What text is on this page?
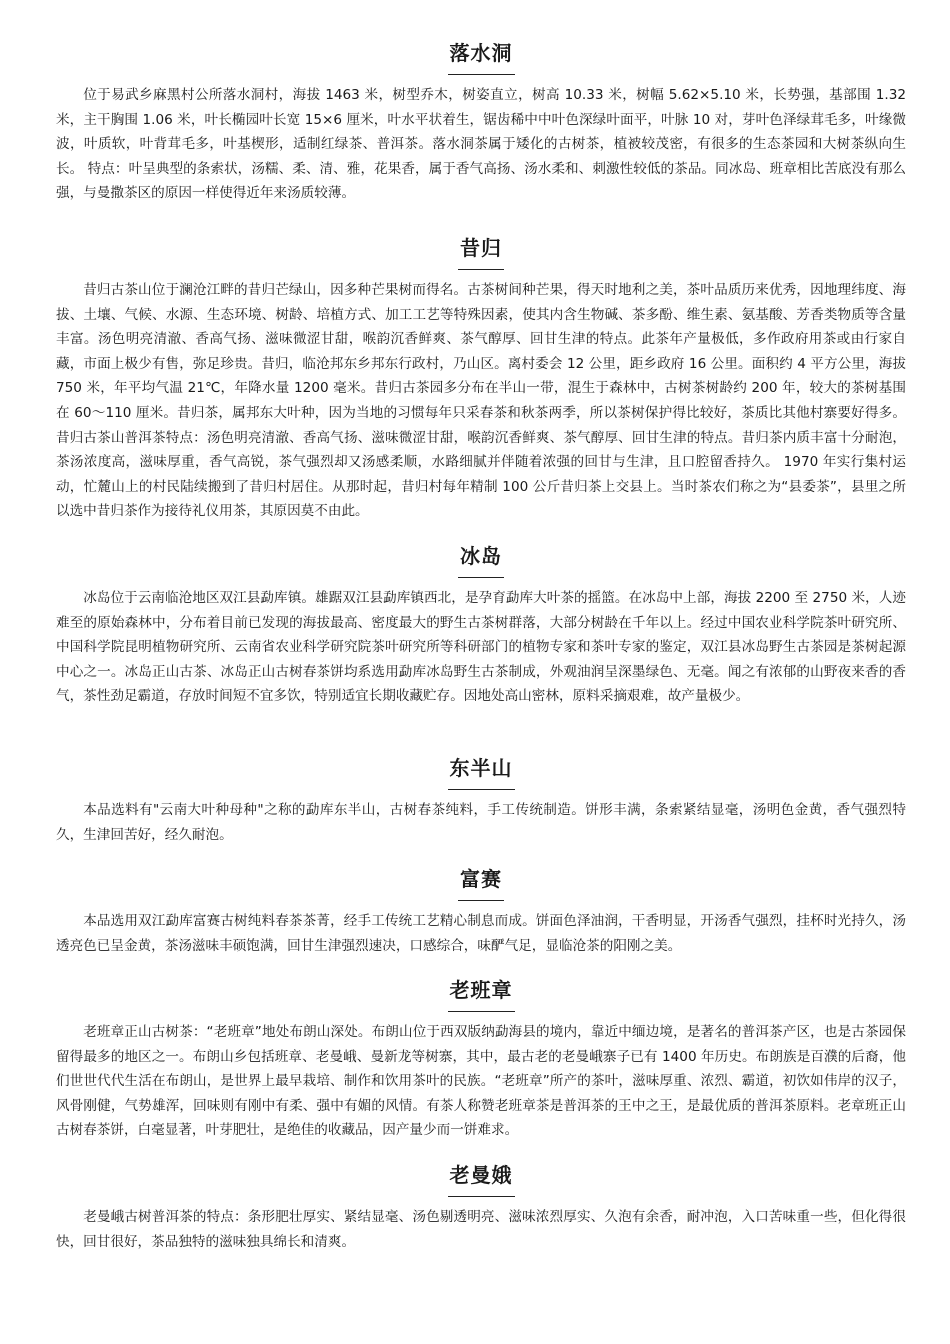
落水洞

位于易武乡麻黑村公所落水洞村，海拔 1463 米，树型乔木，树姿直立，树高 10.33 米，树幅 5.62×5.10 米，长势强，基部围 1.32 米，主干胸围 1.06 米，叶长椭园叶长宽 15×6 厘米，叶水平状着生，锯齿稀中中叶色深绿叶面平，叶脉 10 对，芽叶色泽绿茸毛多，叶缘微波，叶质软，叶背茸毛多，叶基楔形，适制红绿茶、普洱茶。落水洞茶属于矮化的古树茶，植被较茂密，有很多的生态茶园和大树茶纵向生长。 特点：叶呈典型的条索状，汤糯、柔、清、雅，花果香，属于香气高扬、汤水柔和、刺激性较低的茶品。同冰岛、班章相比苦底没有那么强，与曼撒茶区的原因一样使得近年来汤质较薄。

昔归

昔归古茶山位于澜沧江畔的昔归芒绿山，因多种芒果树而得名。古茶树间种芒果，得天时地利之美，茶叶品质历来优秀，因地理纬度、海拔、土壤、气候、水源、生态环境、树龄、培植方式、加工工艺等特殊因素，使其内含生物碱、茶多酚、维生素、氨基酸、芳香类物质等含量丰富。汤色明亮清澈、香高气扬、滋味微涩甘甜，喉韵沉香鲜爽、茶气醇厚、回甘生津的特点。此茶年产量极低，多作政府用茶或由行家自藏，市面上极少有售，弥足珍贵。昔归，临沧邦东乡邦东行政村，乃山区。离村委会 12 公里，距乡政府 16 公里。面积约 4 平方公里，海拔 750 米，年平均气温 21℃，年降水量 1200 毫米。昔归古茶园多分布在半山一带，混生于森林中，古树茶树龄约 200 年，较大的茶树基围在 60～110 厘米。昔归茶，属邦东大叶种，因为当地的习惯每年只采春茶和秋茶两季，所以茶树保护得比较好，茶质比其他村寨要好得多。 昔归古茶山普洱茶特点：汤色明亮清澈、香高气扬、滋味微涩甘甜，喉韵沉香鲜爽、茶气醇厚、回甘生津的特点。昔归茶内质丰富十分耐泡，茶汤浓度高，滋味厚重，香气高锐，茶气强烈却又汤感柔顺，水路细腻并伴随着浓强的回甘与生津，且口腔留香持久。 1970 年实行集村运动，忙麓山上的村民陆续搬到了昔归村居住。从那时起，昔归村每年精制 100 公斤昔归茶上交县上。当时茶农们称之为“县委茶”，县里之所以选中昔归茶作为接待礼仪用茶，其原因莫不由此。

冰岛

冰岛位于云南临沧地区双江县勐库镇。雄踞双江县勐库镇西北，是孕育勐库大叶茶的摇篮。在冰岛中上部，海拔 2200 至 2750 米，人迹难至的原始森林中，分布着目前已发现的海拔最高、密度最大的野生古茶树群落，大部分树龄在千年以上。经过中国农业科学院茶叶研究所、中国科学院昆明植物研究所、云南省农业科学研究院茶叶研究所等科研部门的植物专家和茶叶专家的鉴定，双江县冰岛野生古茶园是茶树起源中心之一。冰岛正山古茶、冰岛正山古树春茶饼均系选用勐库冰岛野生古茶制成，外观油润呈深墨绿色、无毫。闻之有浓郁的山野夜来香的香气，茶性劲足霸道，存放时间短不宜多饮，特别适宜长期收藏贮存。因地处高山密林，原料采摘艰难，故产量极少。

东半山

本品选料有"云南大叶种母种"之称的勐库东半山，古树春茶纯料，手工传统制造。饼形丰满，条索紧结显毫，汤明色金黄，香气强烈特久，生津回苦好，经久耐泡。

富赛

本品选用双江勐库富赛古树纯料春茶茶菁，经手工传统工艺精心制息而成。饼面色泽油润，干香明显，开汤香气强烈，挂杯时光持久，汤透亮色已呈金黄，茶汤滋味丰硕饱满，回甘生津强烈速决，口感综合，味酽气足，显临沧茶的阳刚之美。

老班章

老班章正山古树茶：“老班章”地处布朗山深处。布朗山位于西双版纳勐海县的境内，靠近中缅边境，是著名的普洱茶产区，也是古茶园保留得最多的地区之一。布朗山乡包括班章、老曼峨、曼新龙等树寨，其中，最古老的老曼峨寨子已有 1400 年历史。布朗族是百濮的后裔，他们世世代代生活在布朗山，是世界上最早栽培、制作和饮用茶叶的民族。“老班章”所产的茶叶，滋味厚重、浓烈、霸道，初饮如伟岸的汉子，风骨刚健，气势雄浑，回味则有刚中有柔、强中有媚的风情。有茶人称赞老班章茶是普洱茶的王中之王，是最优质的普洱茶原料。老章班正山古树春茶饼，白毫显著，叶芽肥壮，是绝佳的收藏品，因产量少而一饼难求。

老曼娥

老曼峨古树普洱茶的特点：条形肥壮厚实、紧结显毫、汤色剔透明亮、滋味浓烈厚实、久泡有余香，耐冲泡，入口苦味重一些，但化得很快，回甘很好，茶品独特的滋味独具绵长和清爽。
